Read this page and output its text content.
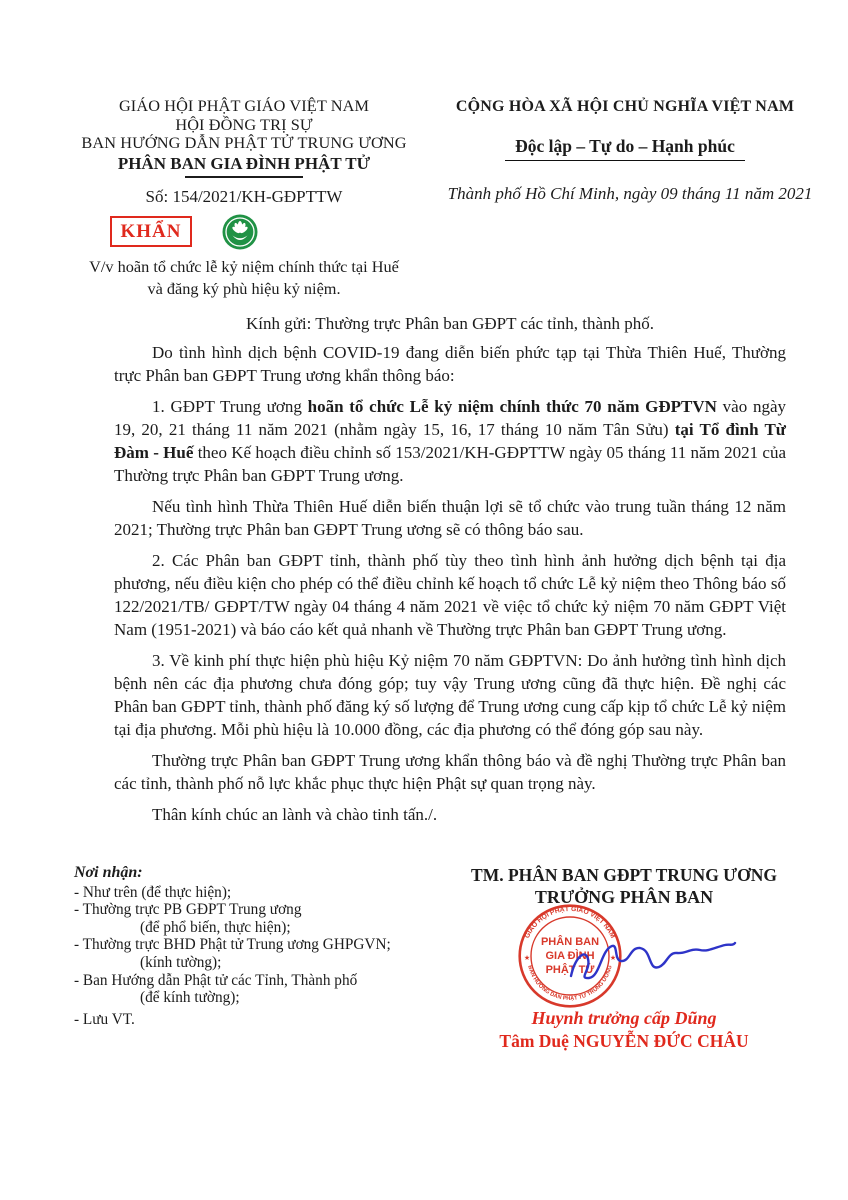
GIÁO HỘI PHẬT GIÁO VIỆT NAM
HỘI ĐỒNG TRỊ SỰ
BAN HƯỚNG DẪN PHẬT TỬ TRUNG ƯƠNG
PHÂN BAN GIA ĐÌNH PHẬT TỬ
Số: 154/2021/KH-GĐPTTW
CỘNG HÒA XÃ HỘI CHỦ NGHĨA VIỆT NAM

Độc lập – Tự do – Hạnh phúc
Thành phố Hồ Chí Minh, ngày 09 tháng 11 năm 2021
KHẨN
V/v hoãn tổ chức lễ kỷ niệm chính thức tại Huế
và đăng ký phù hiệu kỷ niệm.
Kính gửi: Thường trực Phân ban GĐPT các tỉnh, thành phố.

Do tình hình dịch bệnh COVID-19 đang diễn biến phức tạp tại Thừa Thiên Huế, Thường trực Phân ban GĐPT Trung ương khẩn thông báo:

1. GĐPT Trung ương hoãn tổ chức Lễ kỷ niệm chính thức 70 năm GĐPTVN vào ngày 19, 20, 21 tháng 11 năm 2021 (nhằm ngày 15, 16, 17 tháng 10 năm Tân Sửu) tại Tổ đình Từ Đàm - Huế theo Kế hoạch điều chỉnh số 153/2021/KH-GĐPTTW ngày 05 tháng 11 năm 2021 của Thường trực Phân ban GĐPT Trung ương.

Nếu tình hình Thừa Thiên Huế diễn biến thuận lợi sẽ tổ chức vào trung tuần tháng 12 năm 2021; Thường trực Phân ban GĐPT Trung ương sẽ có thông báo sau.

2. Các Phân ban GĐPT tỉnh, thành phố tùy theo tình hình ảnh hưởng dịch bệnh tại địa phương, nếu điều kiện cho phép có thể điều chỉnh kế hoạch tổ chức Lễ kỷ niệm theo Thông báo số 122/2021/TB/ GĐPT/TW ngày 04 tháng 4 năm 2021 về việc tổ chức kỷ niệm 70 năm GĐPT Việt Nam (1951-2021) và báo cáo kết quả nhanh về Thường trực Phân ban GĐPT Trung ương.

3. Về kinh phí thực hiện phù hiệu Kỷ niệm 70 năm GĐPTVN: Do ảnh hưởng tình hình dịch bệnh nên các địa phương chưa đóng góp; tuy vậy Trung ương cũng đã thực hiện. Đề nghị các Phân ban GĐPT tỉnh, thành phố đăng ký số lượng để Trung ương cung cấp kịp tổ chức Lễ kỷ niệm tại địa phương. Mỗi phù hiệu là 10.000 đồng, các địa phương có thể đóng góp sau này.

Thường trực Phân ban GĐPT Trung ương khẩn thông báo và đề nghị Thường trực Phân ban các tỉnh, thành phố nỗ lực khắc phục thực hiện Phật sự quan trọng này.

Thân kính chúc an lành và chào tinh tấn./.

Nơi nhận:
- Như trên (để thực hiện);
- Thường trực PB GĐPT Trung ương
(để phổ biến, thực hiện);
- Thường trực BHD Phật tử Trung ương GHPGVN;
(kính tường);
- Ban Hướng dẫn Phật tử các Tỉnh, Thành phố
(để kính tường);
- Lưu VT.
TM. PHÂN BAN GĐPT TRUNG ƯƠNG
TRƯỞNG PHÂN BAN
GIÁO HỘI PHẬT GIÁO VIỆT NAM
BAN HƯỚNG DẪN PHẬT TỬ TRUNG ƯƠNG
★	★
PHÂN BAN
GIA ĐÌNH
PHẬT TỬ
Huynh trưởng cấp Dũng
Tâm Duệ NGUYỄN ĐỨC CHÂU
